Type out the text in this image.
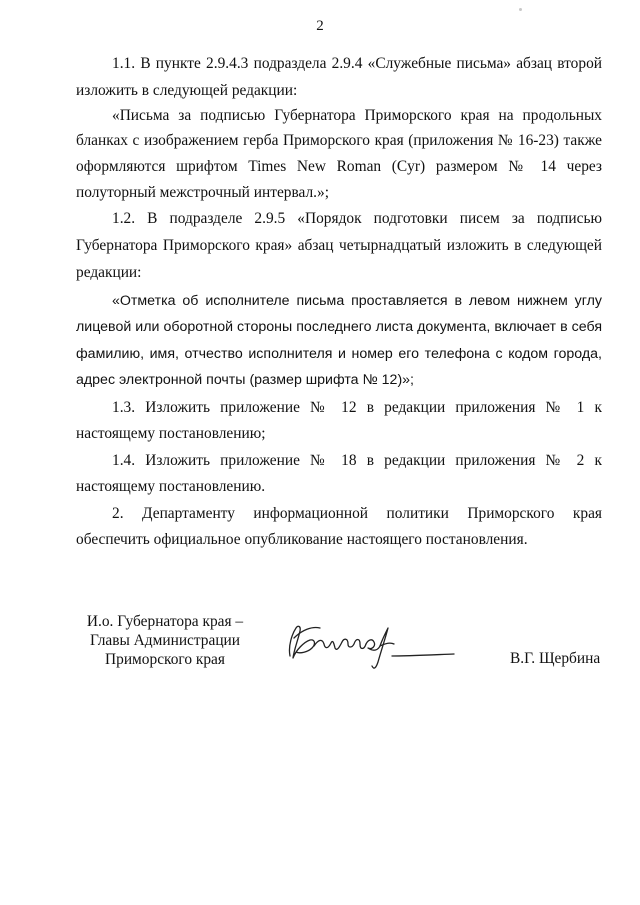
2
1.1. В пункте 2.9.4.3 подраздела 2.9.4 «Служебные письма» абзац второй
изложить в следующей редакции:
«Письма за подписью Губернатора Приморского края на продольных
бланках с изображением герба Приморского края (приложения № 16-23) также
оформляются шрифтом Times New Roman (Cyr) размером № 14 через
полуторный межстрочный интервал.»;
1.2. В подразделе 2.9.5 «Порядок подготовки писем за подписью
Губернатора Приморского края» абзац четырнадцатый изложить в следующей
редакции:
«Отметка об исполнителе письма проставляется в левом нижнем углу
лицевой или оборотной стороны последнего листа документа, включает в себя
фамилию, имя, отчество исполнителя и номер его телефона с кодом города,
адрес электронной почты (размер шрифта № 12)»;
1.3. Изложить приложение № 12 в редакции приложения № 1 к
настоящему постановлению;
1.4. Изложить приложение № 18 в редакции приложения № 2 к
настоящему постановлению.
2. Департаменту информационной политики Приморского края
обеспечить официальное опубликование настоящего постановления.
И.о. Губернатора края –
Главы Администрации
Приморского края	В.Г. Щербина
